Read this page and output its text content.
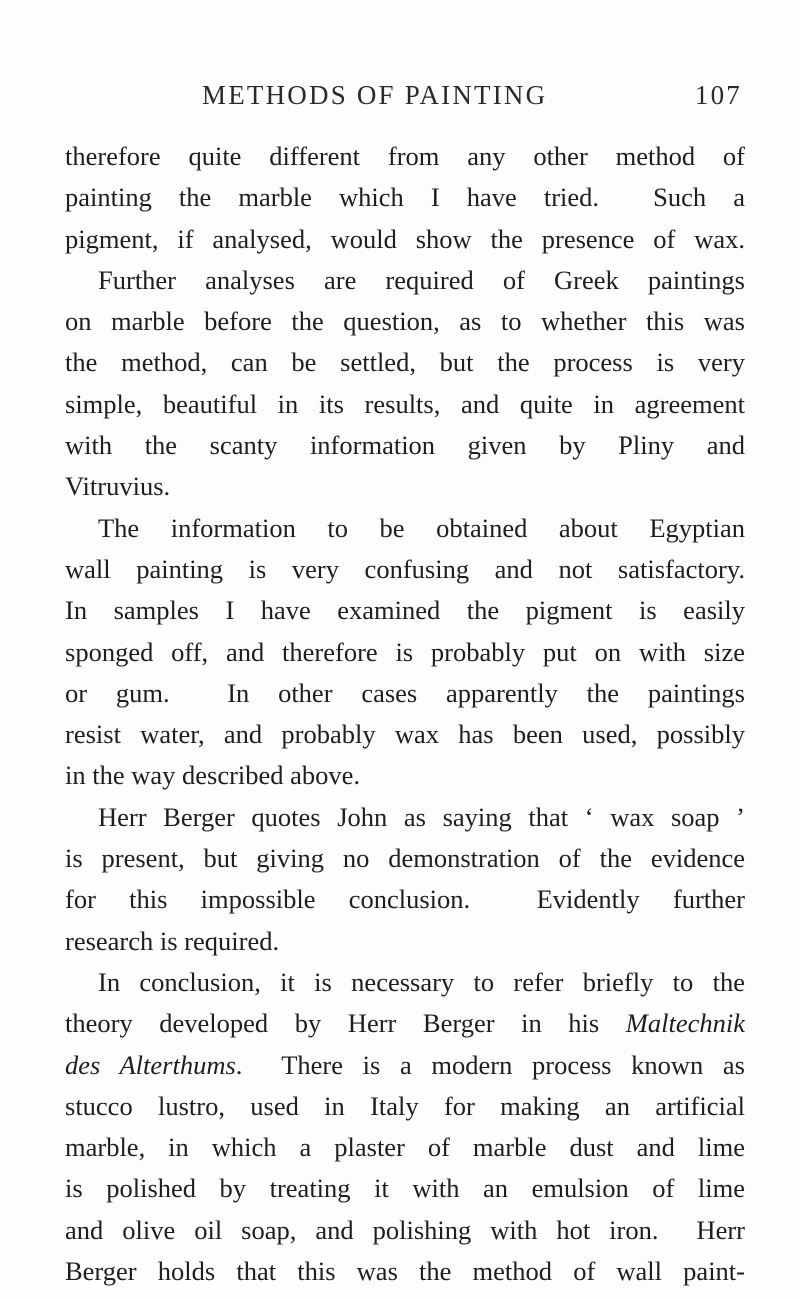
METHODS OF PAINTING	107
therefore quite different from any other method of
painting the marble which I have tried.  Such a
pigment, if analysed, would show the presence of wax.
Further analyses are required of Greek paintings
on marble before the question, as to whether this was
the method, can be settled, but the process is very
simple, beautiful in its results, and quite in agreement
with the scanty information given by Pliny and
Vitruvius.
The information to be obtained about Egyptian
wall painting is very confusing and not satisfactory.
In samples I have examined the pigment is easily
sponged off, and therefore is probably put on with size
or gum.  In other cases apparently the paintings
resist water, and probably wax has been used, possibly
in the way described above.
Herr Berger quotes John as saying that ‘ wax soap ’
is present, but giving no demonstration of the evidence
for this impossible conclusion.  Evidently further
research is required.
In conclusion, it is necessary to refer briefly to the
theory developed by Herr Berger in his Maltechnik
des Alterthums.  There is a modern process known as
stucco lustro, used in Italy for making an artificial
marble, in which a plaster of marble dust and lime
is polished by treating it with an emulsion of lime
and olive oil soap, and polishing with hot iron.  Herr
Berger holds that this was the method of wall paint-
